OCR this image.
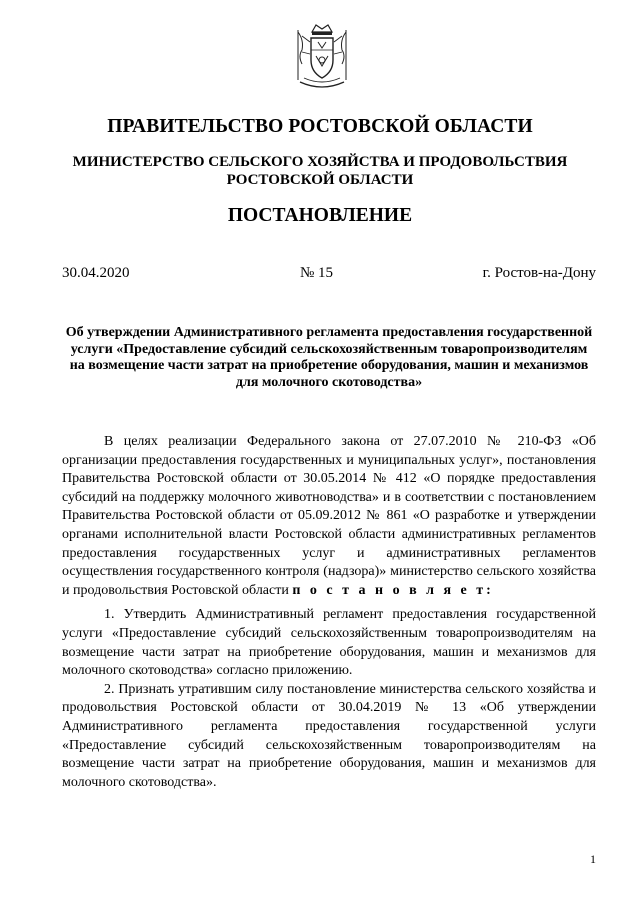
ПРАВИТЕЛЬСТВО РОСТОВСКОЙ ОБЛАСТИ
МИНИСТЕРСТВО СЕЛЬСКОГО ХОЗЯЙСТВА И ПРОДОВОЛЬСТВИЯ
РОСТОВСКОЙ ОБЛАСТИ
ПОСТАНОВЛЕНИЕ
30.04.2020	№ 15	г. Ростов-на-Дону
Об утверждении Административного регламента предоставления государственной услуги «Предоставление субсидий сельскохозяйственным товаропроизводителям на возмещение части затрат на приобретение оборудования, машин и механизмов для молочного скотоводства»

В целях реализации Федерального закона от 27.07.2010 № 210-ФЗ «Об организации предоставления государственных и муниципальных услуг», постановления Правительства Ростовской области от 30.05.2014 № 412 «О порядке предоставления субсидий на поддержку молочного животноводства» и в соответствии с постановлением Правительства Ростовской области от 05.09.2012 № 861 «О разработке и утверждении органами исполнительной власти Ростовской области административных регламентов предоставления государственных услуг и административных регламентов осуществления государственного контроля (надзора)» министерство сельского хозяйства и продовольствия Ростовской области п о с т а н о в л я е т:

1. Утвердить Административный регламент предоставления государственной услуги «Предоставление субсидий сельскохозяйственным товаропроизводителям на возмещение части затрат на приобретение оборудования, машин и механизмов для молочного скотоводства» согласно приложению.

2. Признать утратившим силу постановление министерства сельского хозяйства и продовольствия Ростовской области от 30.04.2019 № 13 «Об утверждении Административного регламента предоставления государственной услуги «Предоставление субсидий сельскохозяйственным товаропроизводителям на возмещение части затрат на приобретение оборудования, машин и механизмов для молочного скотоводства».

1
